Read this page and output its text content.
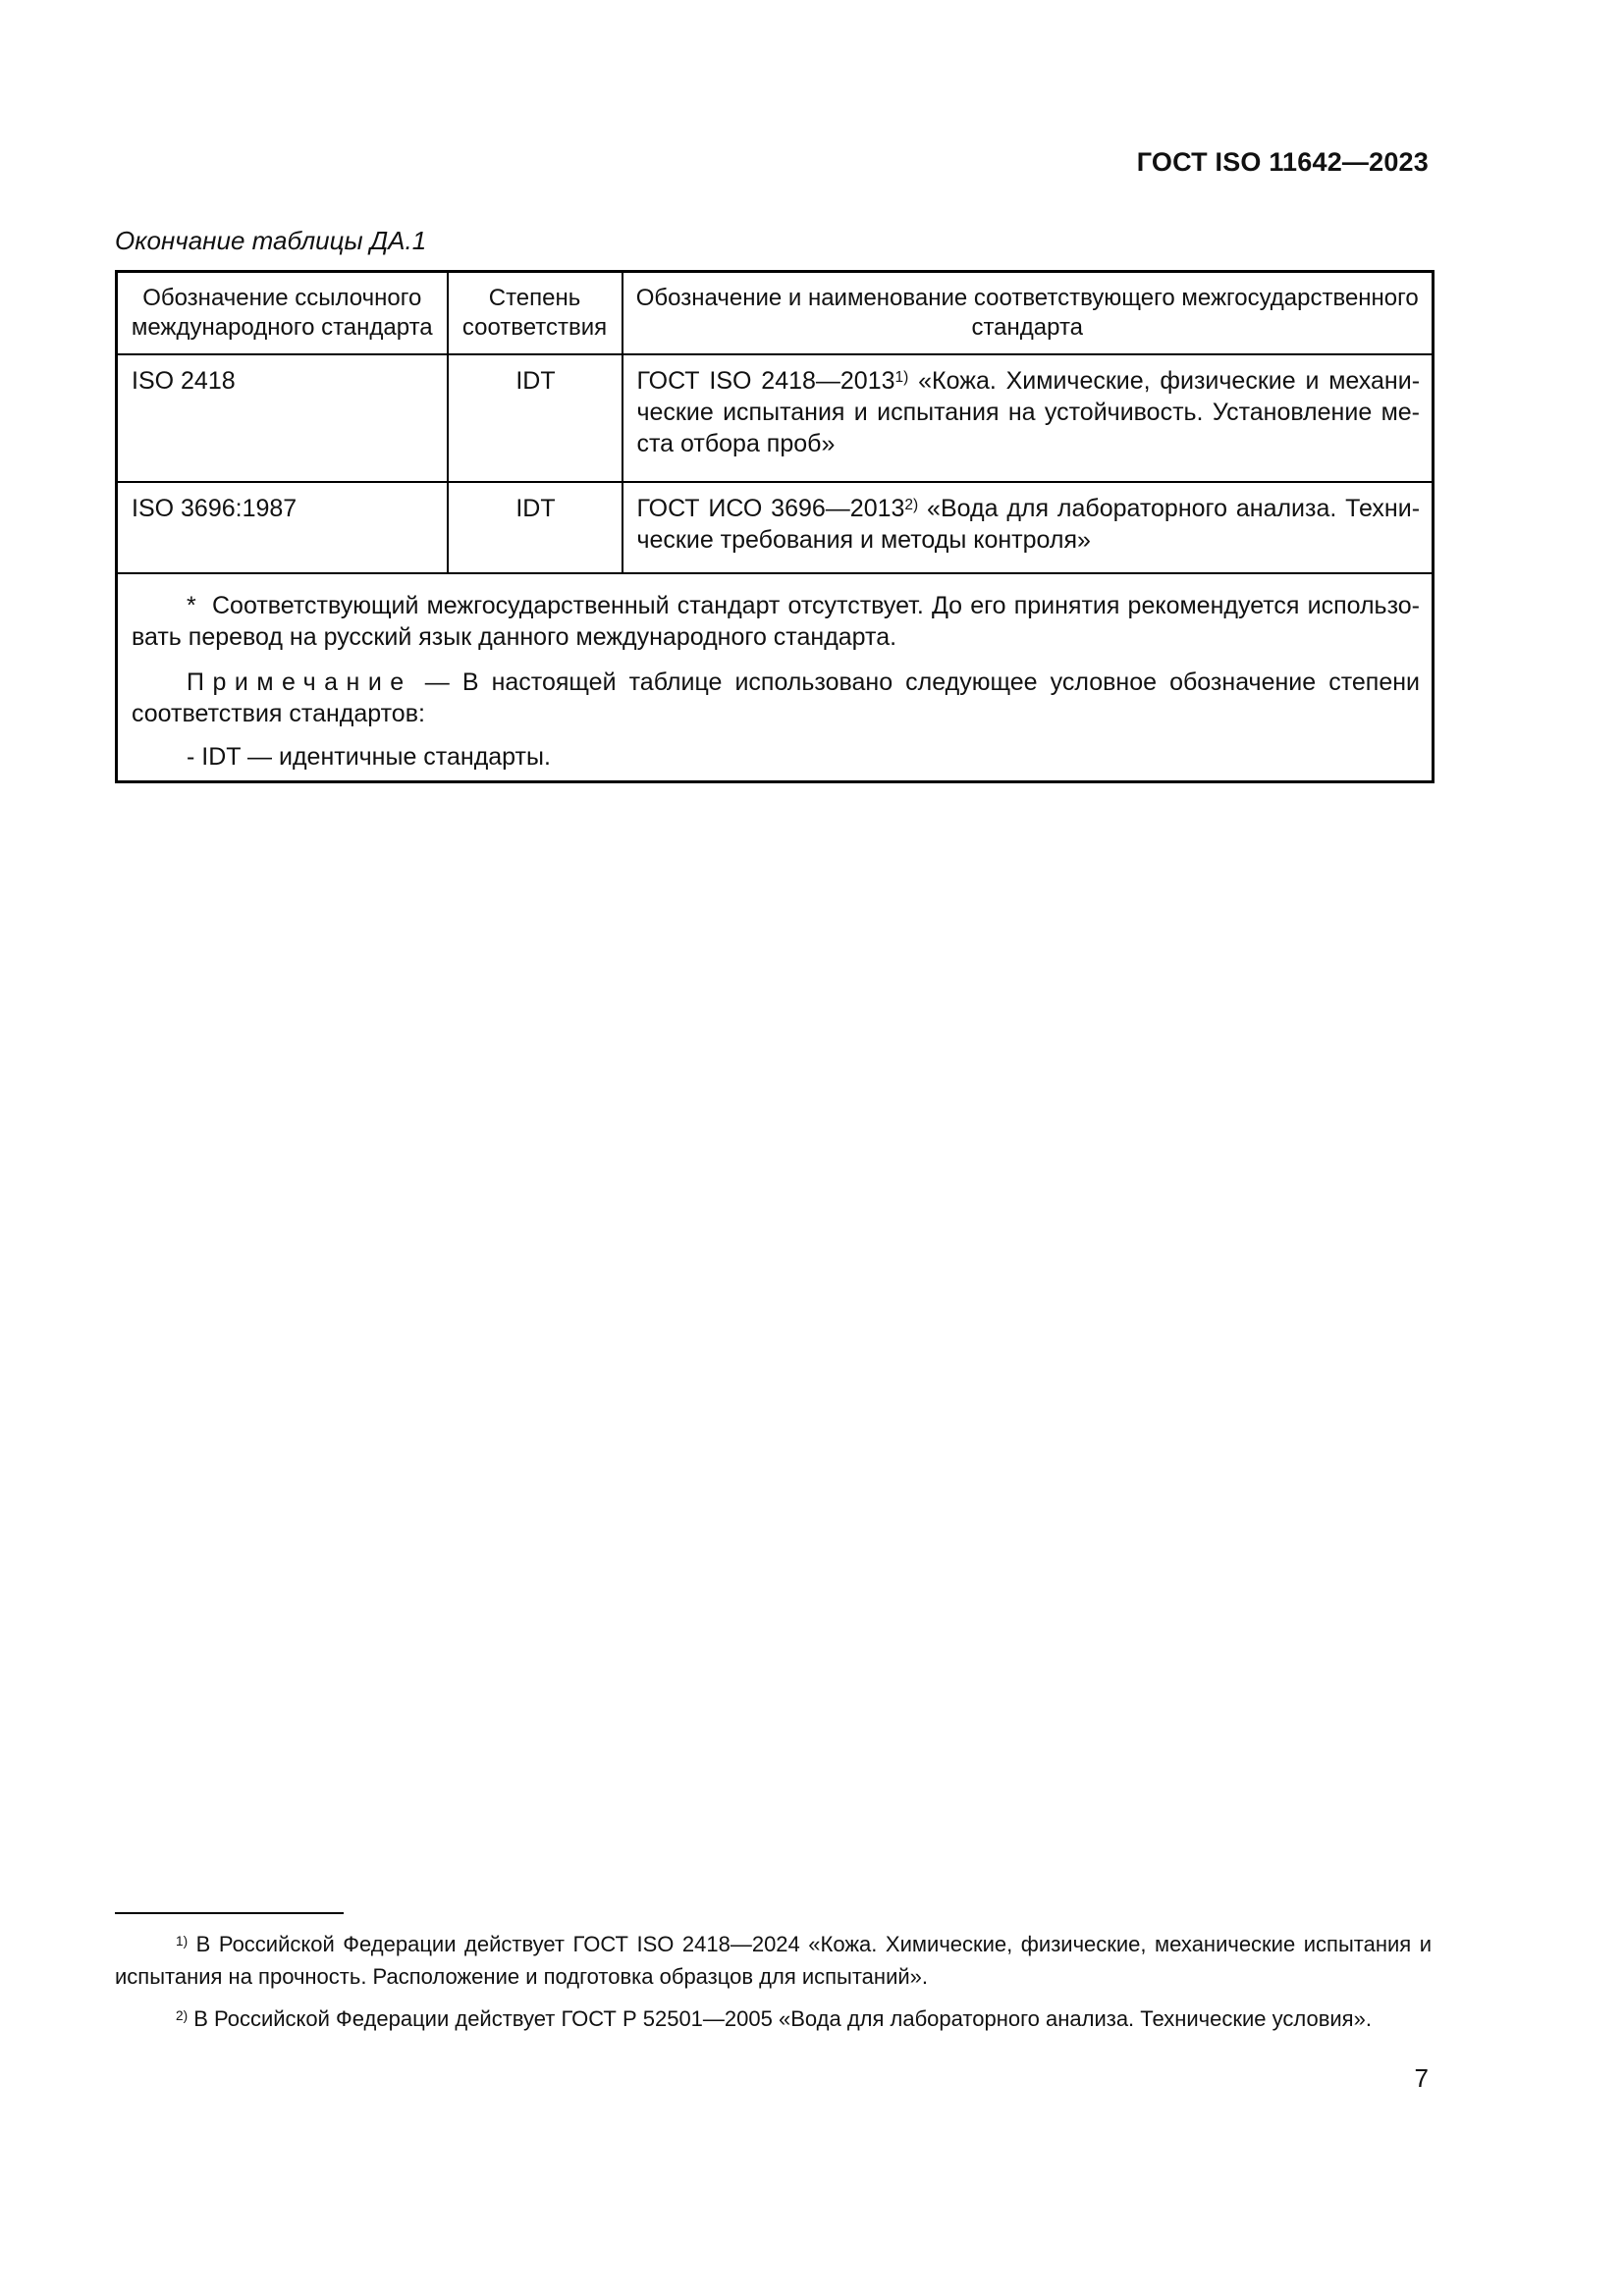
ГОСТ ISO 11642—2023
Окончание таблицы ДА.1
Обозначение ссылочного международного стандарта	Степень соответствия	Обозначение и наименование соответствующего межгосударственного стандарта
ISO 2418	IDT	ГОСТ ISO 2418—2013$^{1)}$ «Кожа. Химические, физические и механические испытания и испытания на устойчивость. Установление места отбора проб»
ISO 3696:1987	IDT	ГОСТ ИСО 3696—2013$^{2)}$ «Вода для лабораторного анализа. Технические требования и методы контроля»

*  Соответствующий межгосударственный стандарт отсутствует. До его принятия рекомендуется использовать перевод на русский язык данного международного стандарта.

Примечание — В настоящей таблице использовано следующее условное обозначение степени соответствия стандартов:

- IDT — идентичные стандарты.		

$^{1)}$ В Российской Федерации действует ГОСТ ISO 2418—2024 «Кожа. Химические, физические, механические испытания и испытания на прочность. Расположение и подготовка образцов для испытаний».

$^{2)}$ В Российской Федерации действует ГОСТ Р 52501—2005 «Вода для лабораторного анализа. Технические условия».

7
